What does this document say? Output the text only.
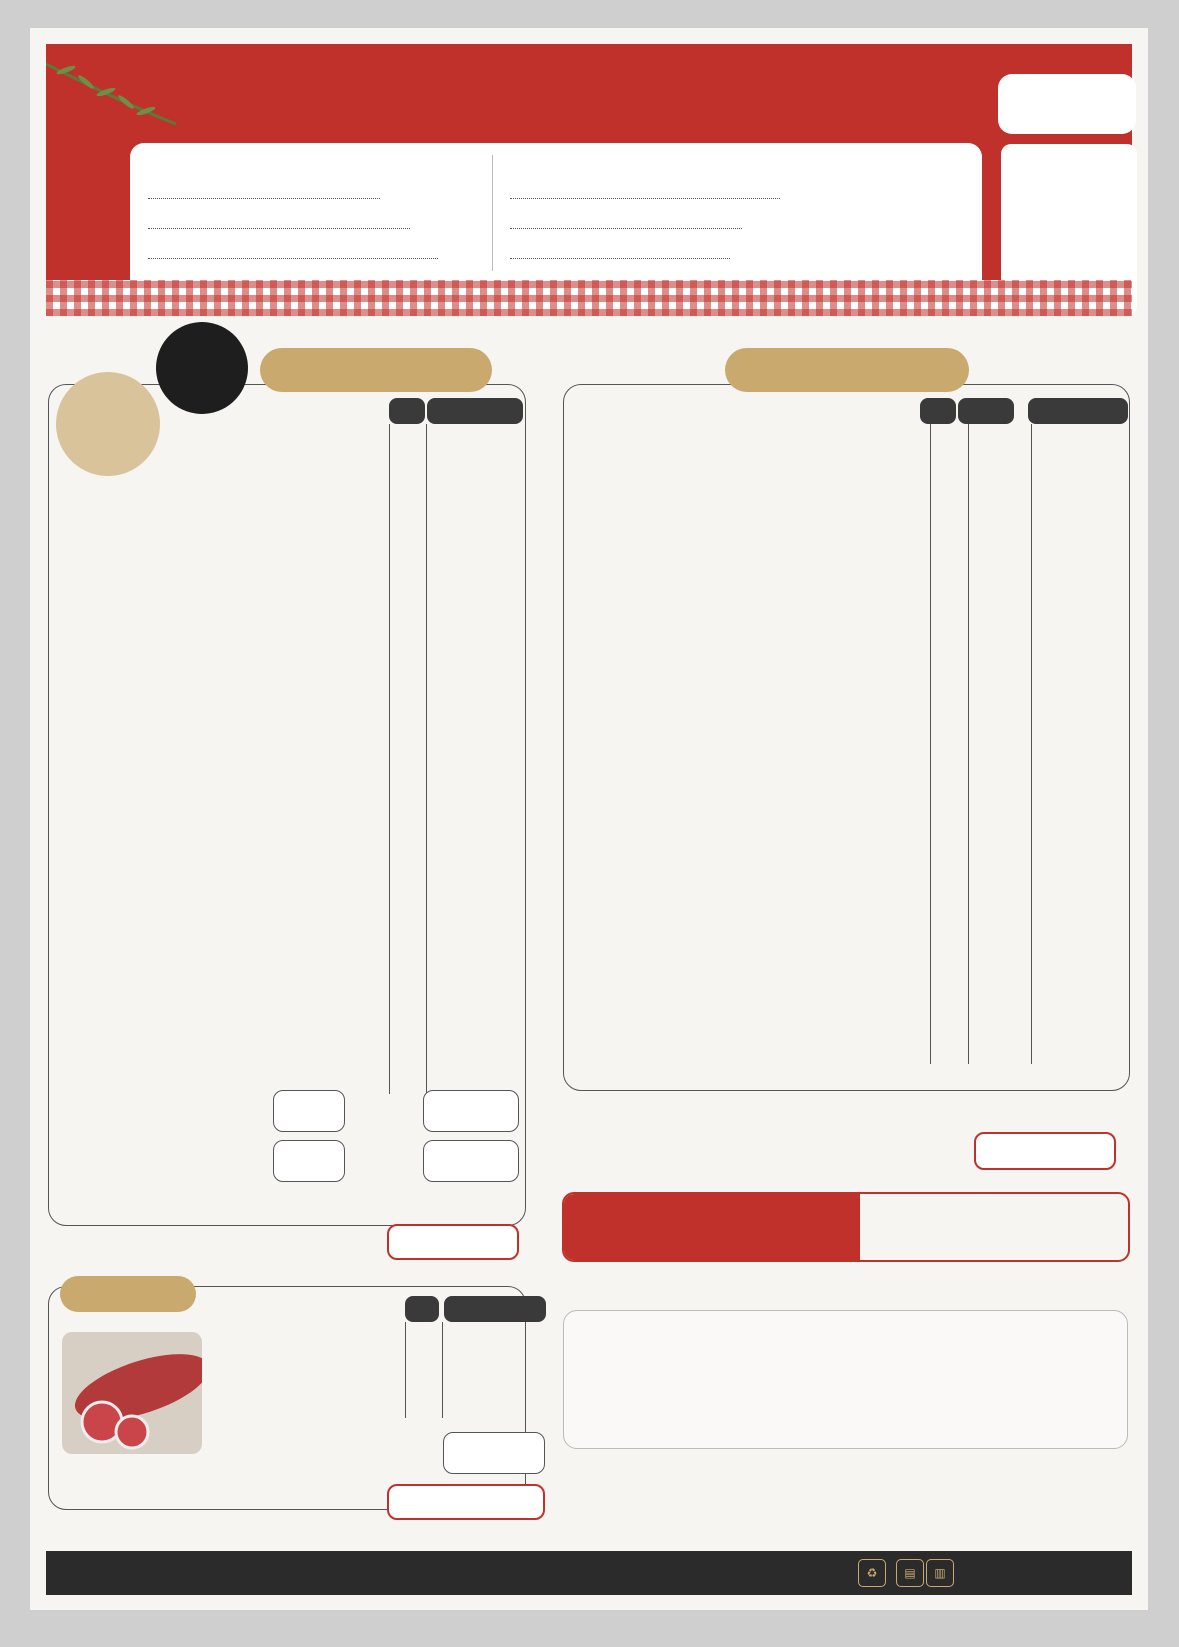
♻	▤	▥
